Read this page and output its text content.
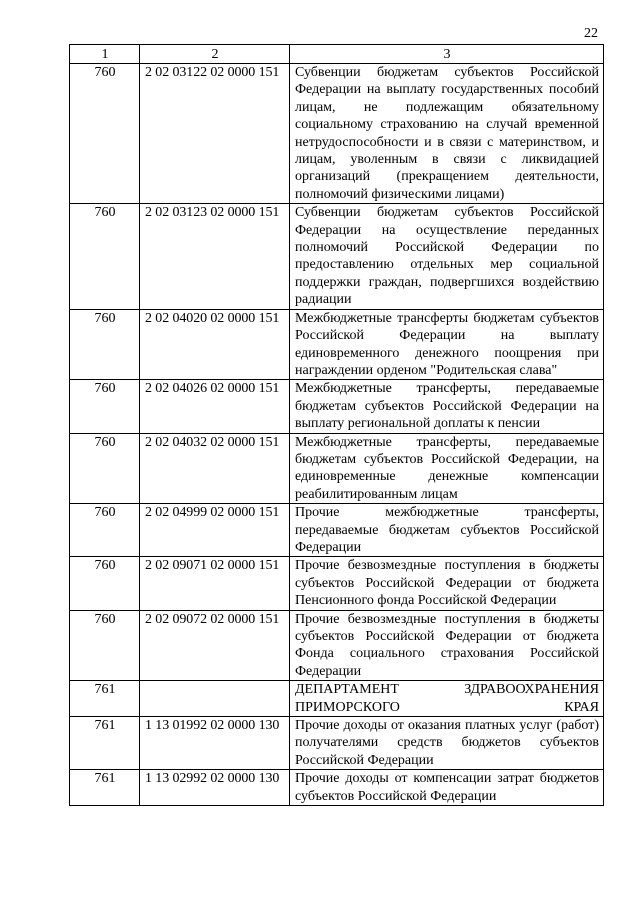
22
1	2	3
760	2 02 03122 02 0000 151	Субвенции бюджетам субъектов Российской Федерации на выплату государственных пособий лицам, не подлежащим обязательному социальному страхованию на случай временной нетрудоспособности и в связи с материнством, и лицам, уволенным в связи с ликвидацией организаций (прекращением деятельности, полномочий физическими лицами)
760	2 02 03123 02 0000 151	Субвенции бюджетам субъектов Российской Федерации на осуществление переданных полномочий Российской Федерации по предоставлению отдельных мер социальной поддержки граждан, подвергшихся воздействию радиации
760	2 02 04020 02 0000 151	Межбюджетные трансферты бюджетам субъектов Российской Федерации на выплату единовременного денежного поощрения при награждении орденом "Родительская слава"
760	2 02 04026 02 0000 151	Межбюджетные трансферты, передаваемые бюджетам субъектов Российской Федерации на выплату региональной доплаты к пенсии
760	2 02 04032 02 0000 151	Межбюджетные трансферты, передаваемые бюджетам субъектов Российской Федерации, на единовременные денежные компенсации реабилитированным лицам
760	2 02 04999 02 0000 151	Прочие межбюджетные трансферты, передаваемые бюджетам субъектов Российской Федерации
760	2 02 09071 02 0000 151	Прочие безвозмездные поступления в бюджеты субъектов Российской Федерации от бюджета Пенсионного фонда Российской Федерации
760	2 02 09072 02 0000 151	Прочие безвозмездные поступления в бюджеты субъектов Российской Федерации от бюджета Фонда социального страхования Российской Федерации
761		ДЕПАРТАМЕНТ ЗДРАВООХРАНЕНИЯ ПРИМОРСКОГО КРАЯ
761	1 13 01992 02 0000 130	Прочие доходы от оказания платных услуг (работ) получателями средств бюджетов субъектов Российской Федерации
761	1 13 02992 02 0000 130	Прочие доходы от компенсации затрат бюджетов субъектов Российской Федерации
